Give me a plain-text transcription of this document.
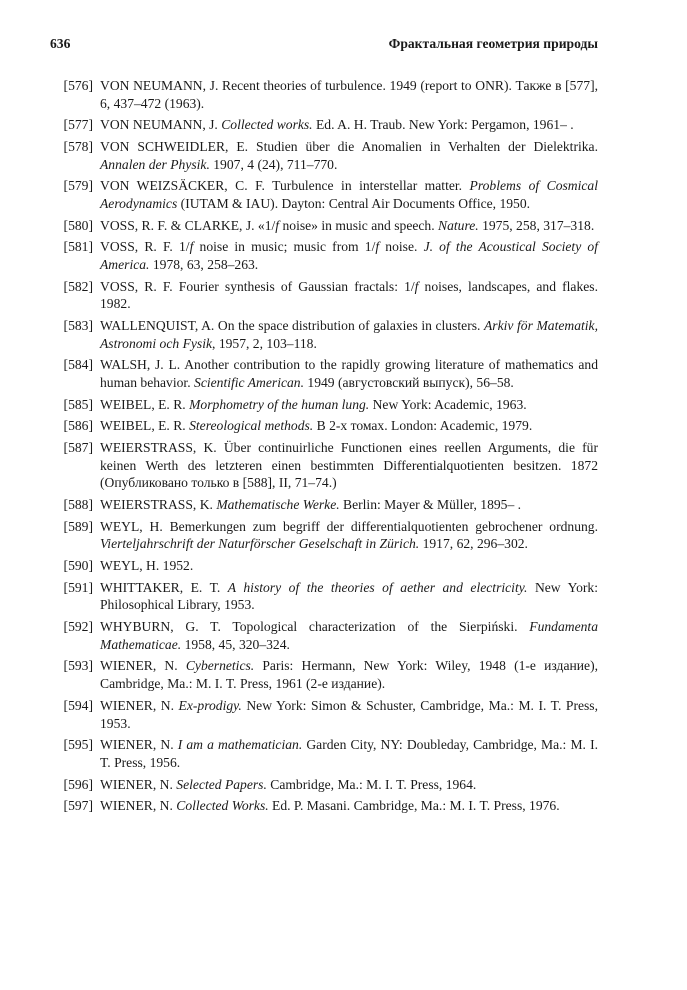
636	Фрактальная геометрия природы
[576] VON NEUMANN, J. Recent theories of turbulence. 1949 (report to ONR). Также в [577], 6, 437–472 (1963).
[577] VON NEUMANN, J. Collected works. Ed. A. H. Traub. New York: Pergamon, 1961– .
[578] VON SCHWEIDLER, E. Studien über die Anomalien in Verhalten der Dielektrika. Annalen der Physik. 1907, 4 (24), 711–770.
[579] VON WEIZSÄCKER, C. F. Turbulence in interstellar matter. Problems of Cosmical Aerodynamics (IUTAM & IAU). Dayton: Central Air Documents Office, 1950.
[580] VOSS, R. F. & CLARKE, J. «1/f noise» in music and speech. Nature. 1975, 258, 317–318.
[581] VOSS, R. F. 1/f noise in music; music from 1/f noise. J. of the Acoustical Society of America. 1978, 63, 258–263.
[582] VOSS, R. F. Fourier synthesis of Gaussian fractals: 1/f noises, landscapes, and flakes. 1982.
[583] WALLENQUIST, A. On the space distribution of galaxies in clusters. Arkiv för Matematik, Astronomi och Fysik, 1957, 2, 103–118.
[584] WALSH, J. L. Another contribution to the rapidly growing literature of mathematics and human behavior. Scientific American. 1949 (августовский выпуск), 56–58.
[585] WEIBEL, E. R. Morphometry of the human lung. New York: Academic, 1963.
[586] WEIBEL, E. R. Stereological methods. В 2-х томах. London: Academic, 1979.
[587] WEIERSTRASS, K. Über continuirliche Functionen eines reellen Arguments, die für keinen Werth des letzteren einen bestimmten Differentialquotienten besitzen. 1872 (Опубликовано только в [588], II, 71–74.)
[588] WEIERSTRASS, K. Mathematische Werke. Berlin: Mayer & Müller, 1895– .
[589] WEYL, H. Bemerkungen zum begriff der differentialquotienten gebrochener ordnung. Vierteljahrschrift der Naturförscher Geselschaft in Zürich. 1917, 62, 296–302.
[590] WEYL, H. 1952.
[591] WHITTAKER, E. T. A history of the theories of aether and electricity. New York: Philosophical Library, 1953.
[592] WHYBURN, G. T. Topological characterization of the Sierpiński. Fundamenta Mathematicae. 1958, 45, 320–324.
[593] WIENER, N. Cybernetics. Paris: Hermann, New York: Wiley, 1948 (1-е издание), Cambridge, Ma.: M. I. T. Press, 1961 (2-е издание).
[594] WIENER, N. Ex-prodigy. New York: Simon & Schuster, Cambridge, Ma.: M. I. T. Press, 1953.
[595] WIENER, N. I am a mathematician. Garden City, NY: Doubleday, Cambridge, Ma.: M. I. T. Press, 1956.
[596] WIENER, N. Selected Papers. Cambridge, Ma.: M. I. T. Press, 1964.
[597] WIENER, N. Collected Works. Ed. P. Masani. Cambridge, Ma.: M. I. T. Press, 1976.
